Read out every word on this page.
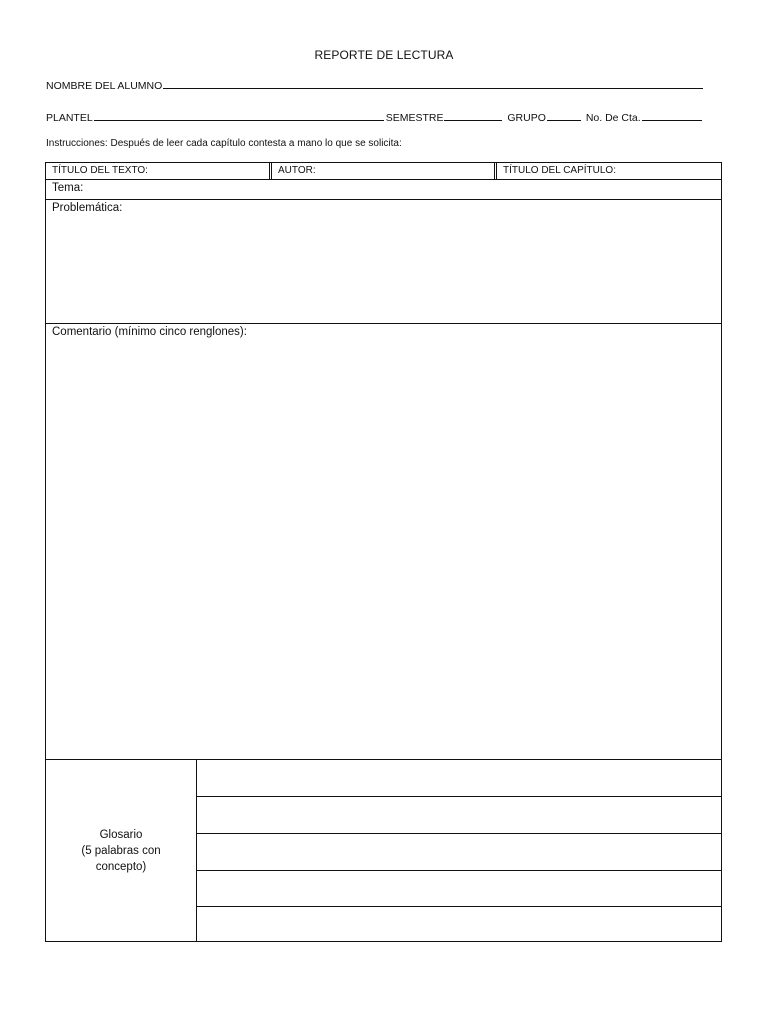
REPORTE DE LECTURA
NOMBRE DEL ALUMNO
PLANTEL	SEMESTRE	GRUPO	No. De Cta.
Instrucciones: Después de leer cada capítulo contesta a mano lo que se solicita:
TÍTULO DEL TEXTO:	AUTOR:	TÍTULO DEL CAPÍTULO:
Tema:
Problemática:
Comentario (mínimo cinco renglones):
Glosario
(5 palabras con
concepto)
